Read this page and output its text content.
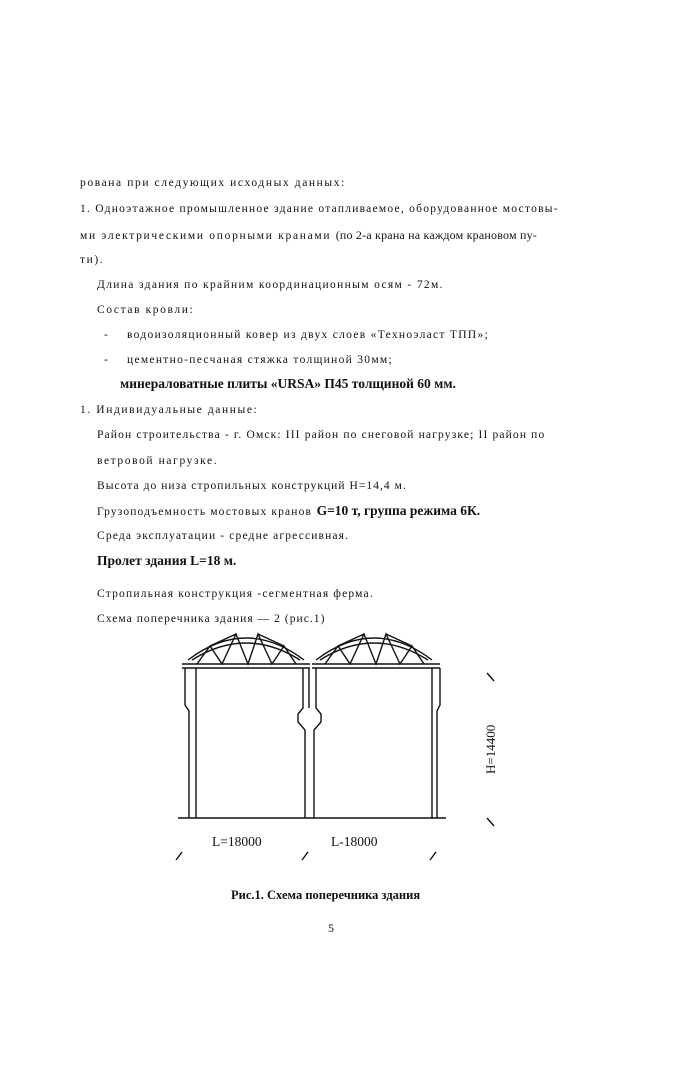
рована при следующих исходных данных:
1. Одноэтажное промышленное здание отапливаемое, оборудованное мостовы-
ми электрическими опорными кранами (по 2-а крана на каждом крановом пу-
ти).
Длина здания по крайним координационным осям - 72м.
Состав кровли:
- водоизоляционный ковер из двух слоев «Техноэласт ТПП»;
- цементно-песчаная стяжка толщиной 30мм;
минераловатные плиты «URSA» П45 толщиной 60 мм.
1. Индивидуальные данные:
Район строительства - г. Омск: III район по снеговой нагрузке; II район по
ветровой нагрузке.
Высота до низа стропильных конструкций H=14,4 м.
Грузоподъемность мостовых кранов G=10 т, группа режима 6К.
Среда эксплуатации - средне агрессивная.
Пролет здания L=18 м.
Стропильная конструкция -сегментная ферма.
Схема поперечника здания — 2 (рис.1)
L=18000	L-18000
H=14400
Рис.1. Схема поперечника здания
5
